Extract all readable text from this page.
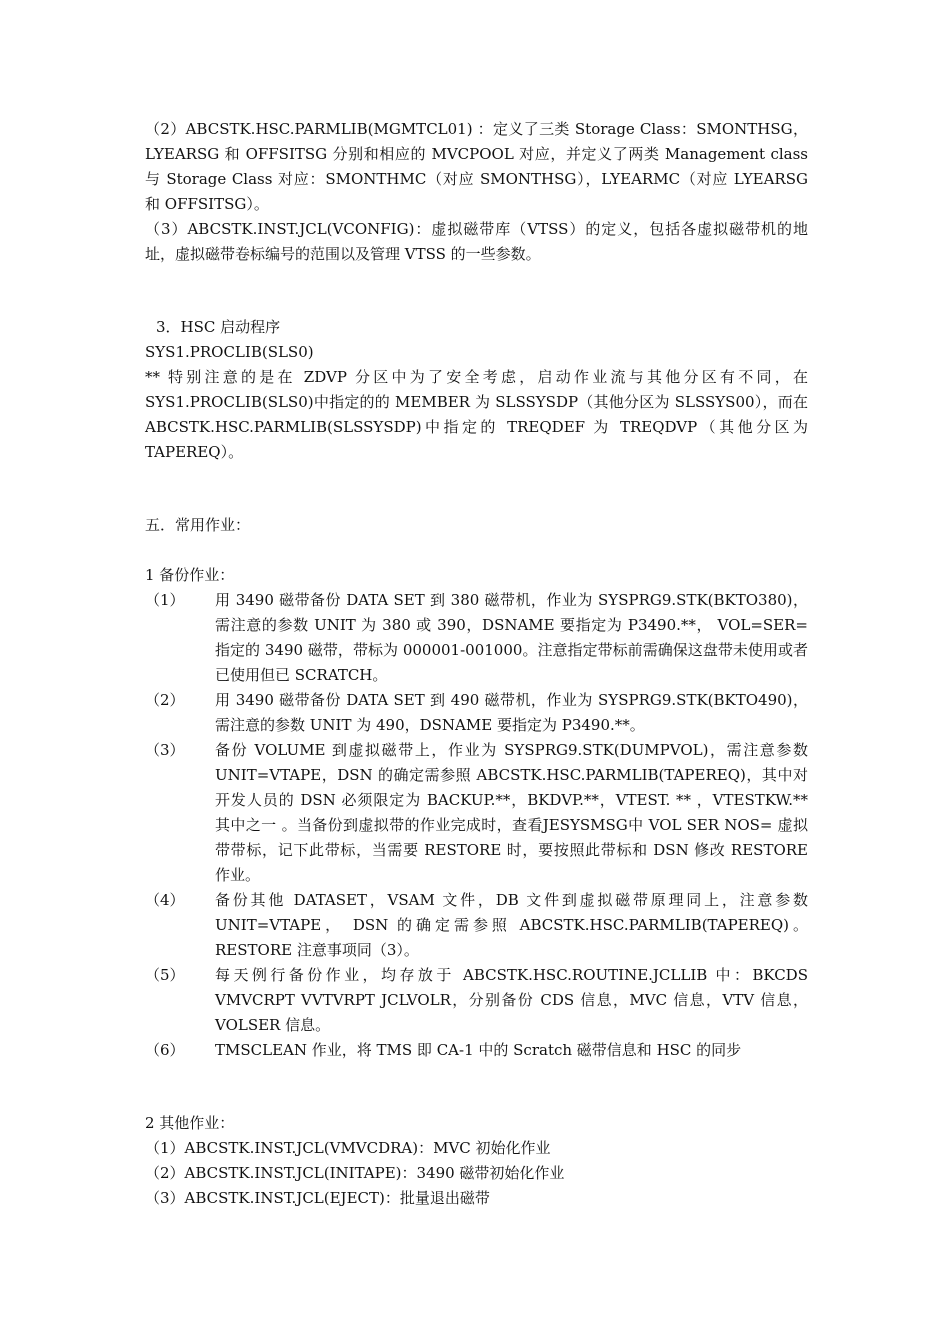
（2）ABCSTK.HSC.PARMLIB(MGMTCL01) ：定义了三类 Storage Class：SMONTHSG，LYEARSG 和 OFFSITSG 分别和相应的 MVCPOOL 对应，并定义了两类 Management class 与 Storage Class 对应：SMONTHMC（对应 SMONTHSG），LYEARMC（对应 LYEARSG 和 OFFSITSG）。

（3）ABCSTK.INST.JCL(VCONFIG)：虚拟磁带库（VTSS）的定义，包括各虚拟磁带机的地址，虚拟磁带卷标编号的范围以及管理 VTSS 的一些参数。

3．HSC 启动程序

SYS1.PROCLIB(SLS0)

** 特别注意的是在 ZDVP 分区中为了安全考虑，启动作业流与其他分区有不同，在 SYS1.PROCLIB(SLS0)中指定的的 MEMBER 为 SLSSYSDP（其他分区为 SLSSYS00），而在 ABCSTK.HSC.PARMLIB(SLSSYSDP)中指定的 TREQDEF 为 TREQDVP（其他分区为 TAPEREQ）。

五．常用作业：

1 备份作业：

（1）	用 3490 磁带备份 DATA SET 到 380 磁带机，作业为 SYSPRG9.STK(BKTO380)，需注意的参数 UNIT 为 380 或 390，DSNAME 要指定为 P3490.**， VOL=SER=指定的 3490 磁带，带标为 000001-001000。注意指定带标前需确保这盘带未使用或者已使用但已 SCRATCH。
（2）	用 3490 磁带备份 DATA SET 到 490 磁带机，作业为 SYSPRG9.STK(BKTO490)，需注意的参数 UNIT 为 490，DSNAME 要指定为 P3490.**。
（3）	备份 VOLUME 到虚拟磁带上，作业为 SYSPRG9.STK(DUMPVOL)，需注意参数 UNIT=VTAPE，DSN 的确定需参照 ABCSTK.HSC.PARMLIB(TAPEREQ)，其中对开发人员的 DSN 必须限定为 BACKUP.**，BKDVP.**，VTEST. ** ，VTESTKW.** 其中之一 。当备份到虚拟带的作业完成时，查看JESYSMSG中 VOL SER NOS= 虚拟带带标，记下此带标，当需要 RESTORE 时，要按照此带标和 DSN 修改 RESTORE 作业。
（4）	备份其他 DATASET，VSAM 文件，DB 文件到虚拟磁带原理同上，注意参数 UNIT=VTAPE， DSN 的确定需参照 ABCSTK.HSC.PARMLIB(TAPEREQ)。RESTORE 注意事项同（3）。
（5）	每天例行备份作业，均存放于 ABCSTK.HSC.ROUTINE.JCLLIB 中：BKCDS VMVCRPT VVTVRPT JCLVOLR，分别备份 CDS 信息，MVC 信息，VTV 信息，VOLSER 信息。
（6）	TMSCLEAN 作业，将 TMS 即 CA-1 中的 Scratch 磁带信息和 HSC 的同步

2 其他作业：

（1）ABCSTK.INST.JCL(VMVCDRA)：MVC 初始化作业

（2）ABCSTK.INST.JCL(INITAPE)：3490 磁带初始化作业

（3）ABCSTK.INST.JCL(EJECT)：批量退出磁带
